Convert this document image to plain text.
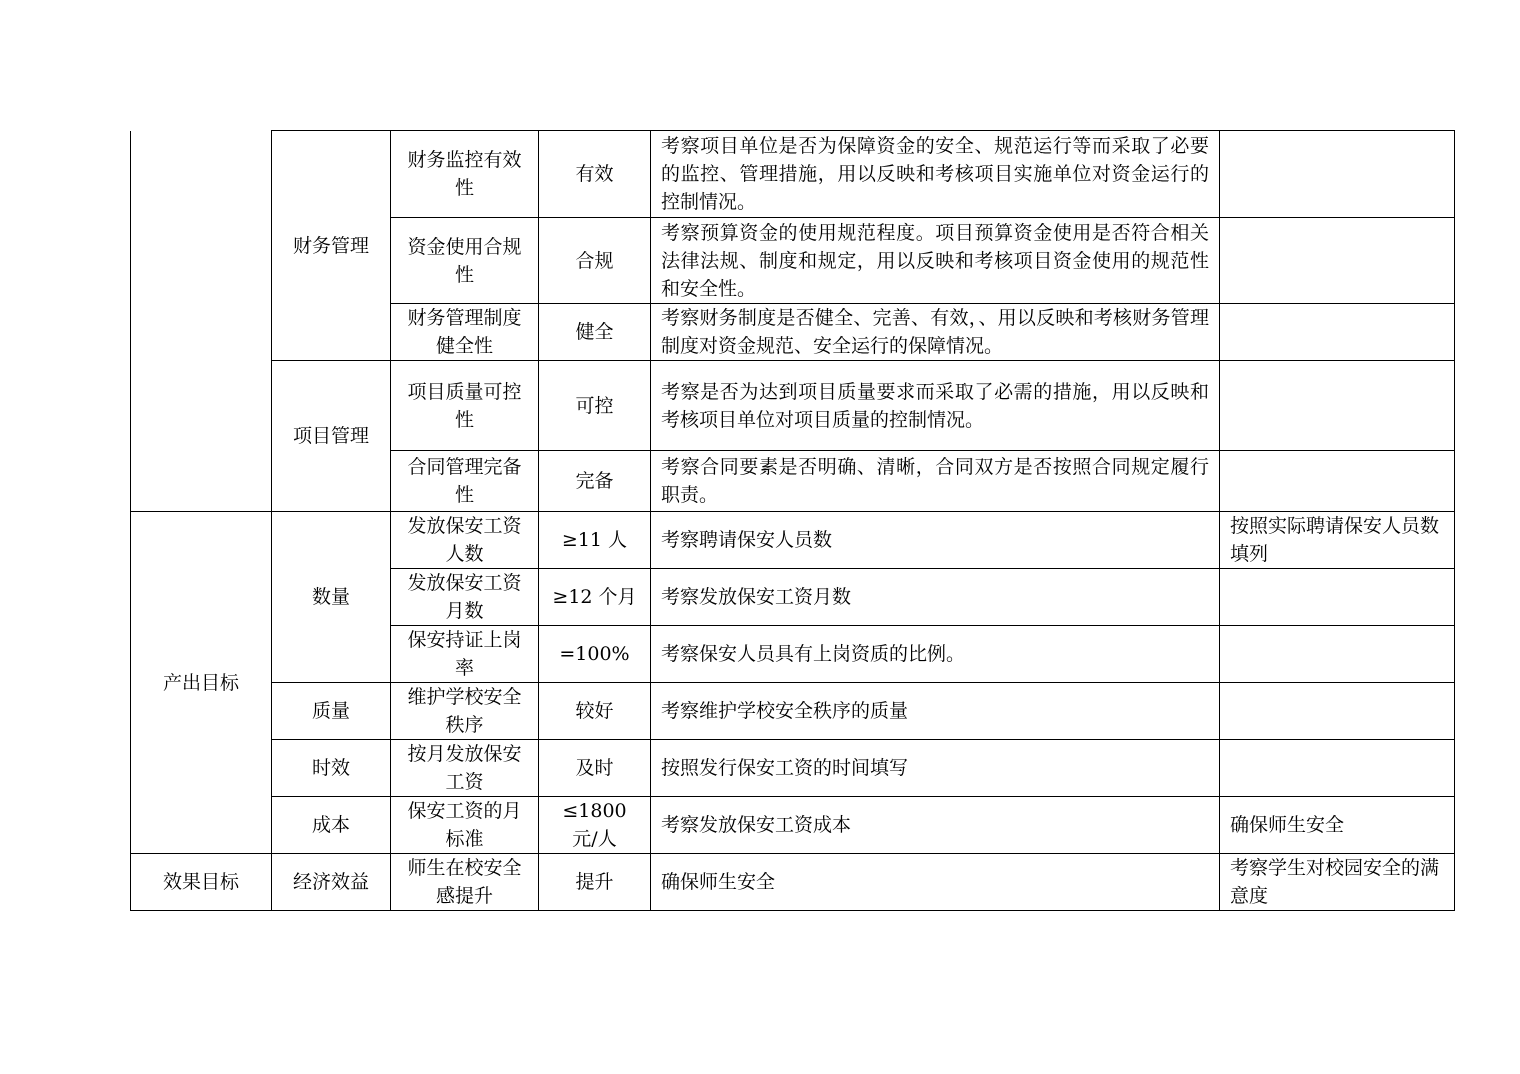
	财务管理	财务监控有效性	有效	考察项目单位是否为保障资金的安全、规范运行等而采取了必要的监控、管理措施，用以反映和考核项目实施单位对资金运行的控制情况。	

		资金使用合规性	合规	考察预算资金的使用规范程度。项目预算资金使用是否符合相关法律法规、制度和规定，用以反映和考核项目资金使用的规范性和安全性。	

		财务管理制度健全性	健全	考察财务制度是否健全、完善、有效，、用以反映和考核财务管理制度对资金规范、安全运行的保障情况。	

	项目管理	项目质量可控性	可控	考察是否为达到项目质量要求而采取了必需的措施，用以反映和考核项目单位对项目质量的控制情况。	

		合同管理完备性	完备	考察合同要素是否明确、清晰，合同双方是否按照合同规定履行职责。	

产出目标	数量	发放保安工资人数	≥11 人	考察聘请保安人员数	按照实际聘请保安人员数填列

		发放保安工资月数	≥12 个月	考察发放保安工资月数	

		保安持证上岗率	=100%	考察保安人员具有上岗资质的比例。	

	质量	维护学校安全秩序	较好	考察维护学校安全秩序的质量	

	时效	按月发放保安工资	及时	按照发行保安工资的时间填写	

	成本	保安工资的月标准	≤1800 元/人	考察发放保安工资成本	确保师生安全

效果目标	经济效益	师生在校安全感提升	提升	确保师生安全	考察学生对校园安全的满意度
